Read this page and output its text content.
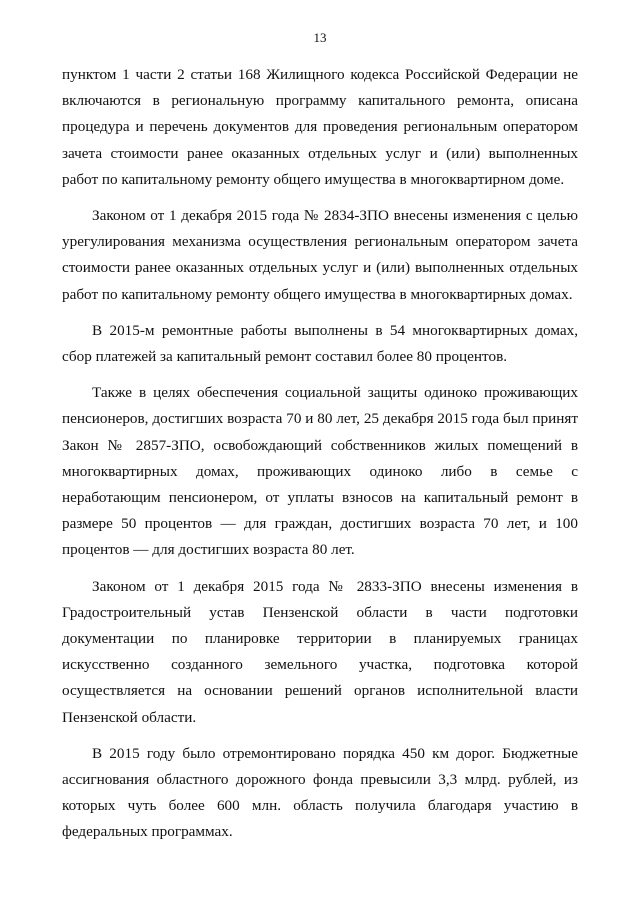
13

пунктом 1 части 2 статьи 168 Жилищного кодекса Российской Федерации не включаются в региональную программу капитального ремонта, описана процедура и перечень документов для проведения региональным оператором зачета стоимости ранее оказанных отдельных услуг и (или) выполненных работ по капитальному ремонту общего имущества в многоквартирном доме.

Законом от 1 декабря 2015 года № 2834-ЗПО внесены изменения с целью урегулирования механизма осуществления региональным оператором зачета стоимости ранее оказанных отдельных услуг и (или) выполненных отдельных работ по капитальному ремонту общего имущества в многоквартирных домах.

В 2015-м ремонтные работы выполнены в 54 многоквартирных домах, сбор платежей за капитальный ремонт составил более 80 процентов.

Также в целях обеспечения социальной защиты одиноко проживающих пенсионеров, достигших возраста 70 и 80 лет, 25 декабря 2015 года был принят Закон № 2857-ЗПО, освобождающий собственников жилых помещений в многоквартирных домах, проживающих одиноко либо в семье с неработающим пенсионером, от уплаты взносов на капитальный ремонт в размере 50 процентов — для граждан, достигших возраста 70 лет, и 100 процентов — для достигших возраста 80 лет.

Законом от 1 декабря 2015 года № 2833-ЗПО внесены изменения в Градостроительный устав Пензенской области в части подготовки документации по планировке территории в планируемых границах искусственно созданного земельного участка, подготовка которой осуществляется на основании решений органов исполнительной власти Пензенской области.

В 2015 году было отремонтировано порядка 450 км дорог. Бюджетные ассигнования областного дорожного фонда превысили 3,3 млрд. рублей, из которых чуть более 600 млн. область получила благодаря участию в федеральных программах.
